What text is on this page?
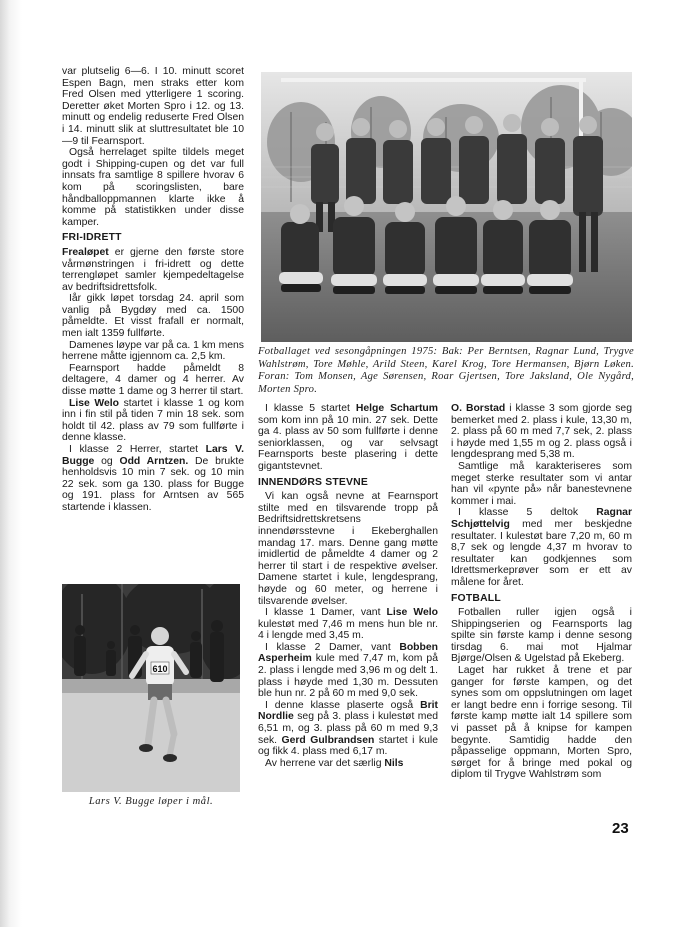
var plutselig 6—6. I 10. minutt scoret Espen Bagn, men straks etter kom Fred Olsen med ytterligere 1 scoring. Deretter øket Morten Spro i 12. og 13. minutt og endelig reduserte Fred Olsen i 14. minutt slik at sluttresultatet ble 10—9 til Fearnsport.

Også herrelaget spilte tildels meget godt i Shipping-cupen og det var full innsats fra samtlige 8 spillere hvorav 6 kom på scoringslisten, bare håndballoppmannen klarte ikke å komme på statistikken under disse kamper.

FRI-IDRETT

Frealøpet er gjerne den første store vårmønstringen i fri-idrett og dette terrengløpet samler kjempedeltagelse av bedriftsidrettsfolk.

Iår gikk løpet torsdag 24. april som vanlig på Bygdøy med ca. 1500 påmeldte. Et visst frafall er normalt, men ialt 1359 fullførte.

Damenes løype var på ca. 1 km mens herrene måtte igjennom ca. 2,5 km.

Fearnsport hadde påmeldt 8 deltagere, 4 damer og 4 herrer. Av disse møtte 1 dame og 3 herrer til start.

Lise Welo startet i klasse 1 og kom inn i fin stil på tiden 7 min 18 sek. som holdt til 42. plass av 79 som fullførte i denne klasse.

I klasse 2 Herrer, startet Lars V. Bugge og Odd Arntzen. De brukte henholdsvis 10 min 7 sek. og 10 min 22 sek. som ga 130. plass for Bugge og 191. plass for Arntsen av 565 startende i klassen.

Fotballaget ved sesongåpningen 1975: Bak: Per Berntsen, Ragnar Lund, Trygve Wahlstrøm, Tore Møhle, Arild Steen, Karel Krog, Tore Hermansen, Bjørn Løken. Foran: Tom Monsen, Age Sørensen, Roar Gjertsen, Tore Jaksland, Ole Nygård, Morten Spro.
610
Lars V. Bugge løper i mål.

I klasse 5 startet Helge Schartum som kom inn på 10 min. 27 sek. Dette ga 4. plass av 50 som fullførte i denne seniorklassen, og var selvsagt Fearnsports beste plasering i dette gigantstevnet.

INNENDØRS STEVNE

Vi kan også nevne at Fearnsport stilte med en tilsvarende tropp på Bedriftsidrettskretsens innendørsstevne i Ekeberghallen mandag 17. mars. Denne gang møtte imidlertid de påmeldte 4 damer og 2 herrer til start i de respektive øvelser. Damene startet i kule, lengdesprang, høyde og 60 meter, og herrene i tilsvarende øvelser.

I klasse 1 Damer, vant Lise Welo kulestøt med 7,46 m mens hun ble nr. 4 i lengde med 3,45 m.

I klasse 2 Damer, vant Bobben Asperheim kule med 7,47 m, kom på 2. plass i lengde med 3,96 m og delt 1. plass i høyde med 1,30 m. Dessuten ble hun nr. 2 på 60 m med 9,0 sek.

I denne klasse plaserte også Brit Nordlie seg på 3. plass i kulestøt med 6,51 m, og 3. plass på 60 m med 9,3 sek. Gerd Gulbrandsen startet i kule og fikk 4. plass med 6,17 m.

Av herrene var det særlig Nils

O. Borstad i klasse 3 som gjorde seg bemerket med 2. plass i kule, 13,30 m, 2. plass på 60 m med 7,7 sek, 2. plass i høyde med 1,55 m og 2. plass også i lengdesprang med 5,38 m.

Samtlige må karakteriseres som meget sterke resultater som vi antar han vil «pynte på» når banestevnene kommer i mai.

I klasse 5 deltok Ragnar Schjøttelvig med mer beskjedne resultater. I kulestøt bare 7,20 m, 60 m 8,7 sek og lengde 4,37 m hvorav to resultater kan godkjennes som Idrettsmerkeprøver som er ett av målene for året.

FOTBALL

Fotballen ruller igjen også i Shippingserien og Fearnsports lag spilte sin første kamp i denne sesong tirsdag 6. mai mot Hjalmar Bjørge/Olsen & Ugelstad på Ekeberg.

Laget har rukket å trene et par ganger for første kampen, og det synes som om oppslutningen om laget er langt bedre enn i forrige sesong. Til første kamp møtte ialt 14 spillere som vi passet på å knipse for kampen begynte. Samtidig hadde den påpasselige oppmann, Morten Spro, sørget for å bringe med pokal og diplom til Trygve Wahlstrøm som

23
